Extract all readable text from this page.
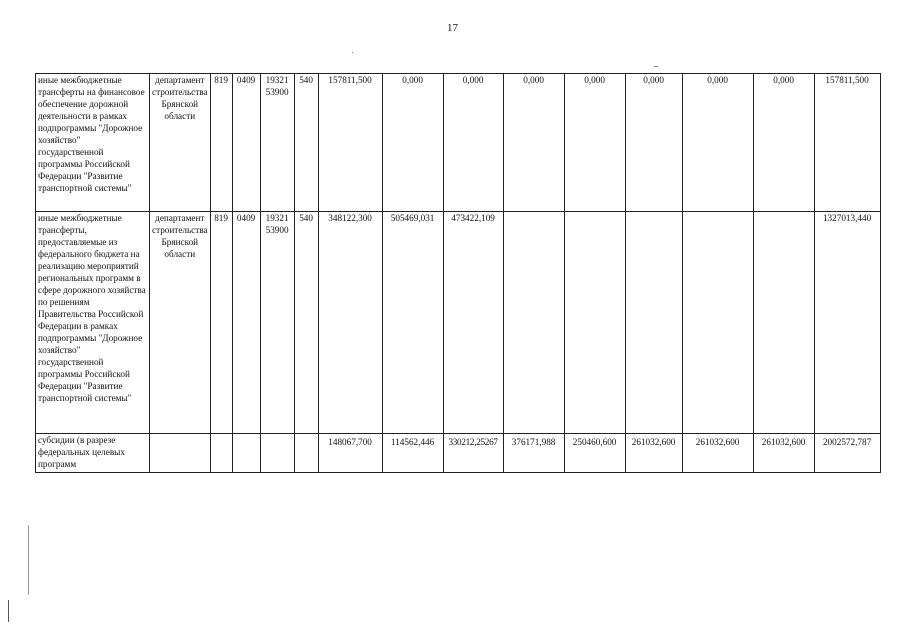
17
иные межбюджетные трансферты на финансовое обеспечение дорожной деятельности в рамках подпрограммы "Дорожное хозяйство" государственной программы Российской Федерации "Развитие транспортной системы"	департамент строительства Брянской области	819	0409	19321 53900	540	157811,500	0,000	0,000	0,000	0,000	0,000	0,000	0,000	157811,500
иные межбюджетные трансферты, предоставляемые из федерального бюджета на реализацию мероприятий региональных программ в сфере дорожного хозяйства по решениям Правительства Российской Федерации в рамках подпрограммы "Дорожное хозяйство" государственной программы Российской Федерации "Развитие транспортной системы"	департамент строительства Брянской области	819	0409	19321 53900	540	348122,300	505469,031	473422,109						1327013,440
субсидии (в разрезе федеральных целевых программ						148067,700	114562,446	330212,25267	376171,988	250460,600	261032,600	261032,600	261032,600	2002572,787
